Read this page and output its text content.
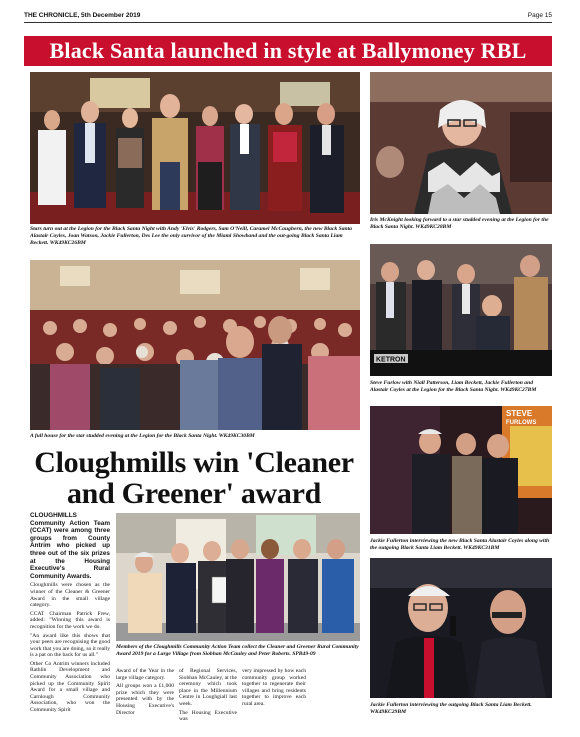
THE CHRONICLE, 5th December 2019	Page 15
Black Santa launched in style at Ballymoney RBL
Stars turn out at the Legion for the Black Santa Night with Andy 'Elvis' Rodgers, Sam O'Neill, Caramel McCaughern, the new Black Santa Alastair Coyles, Joan Watson, Jackie Fullerton, Des Lee the only survivor of the Miami Showband and the out-going Black Santa Liam Beckett. WK49KC26BM
Iris McKnight looking forward to a star studded evening at the Legion for the Black Santa Night. WK49KC28BM
A full house for the star studded evening at the Legion for the Black Santa Night. WK49KC30BM
KETRON
Steve Furlow with Niall Patterson, Liam Beckett, Jackie Fullerton and Alastair Coyles at the Legion for the Black Santa Night. WK49KC27BM
STEVE
FURLOWS
Jackie Fullerton interviewing the new Black Santa Alastair Coyles along with the outgoing Black Santa Liam Beckett. WK49KC31BM
Jackie Fullerton interviewing the outgoing Black Santa Liam Beckett. WK49KC29BM
Cloughmills win 'Cleaner and Greener' award

CLOUGHMILLS Community Action Team (CCAT) were among three groups from County Antrim who picked up three out of the six prizes at the Housing Executive's Rural Community Awards.

Cloughmills were chosen as the winner of the Cleaner & Greener Award in the small village category.

CCAT Chairman Patrick Frew, added: "Winning this award is recognition for the work we do.

"An award like this shows that your peers are recognising the good work that you are doing, so it really is a pat on the back for us all."

Other Co Antrim winners included Rathlin Development and Community Association who picked up the Community Spirit Award for a small village and Carnlough Community Association, who won the Community Spirit

Members of the Cloughmills Community Action Team collect the Cleaner and Greener Rural Community Award 2019 for a Large Village from Siobhan McCauley and Peter Roberts. SPB49-09

Award of the Year in the large village category.

All groups won a £1,000 prize which they were presented with by the Housing Executive's Director

of Regional Services, Siobhan McCauley, at the ceremony which took place in the Millennium Centre in Loughgiall last week.

The Housing Executive was

very impressed by how each community group worked together to regenerate their villages and bring residents together to improve each rural area.
